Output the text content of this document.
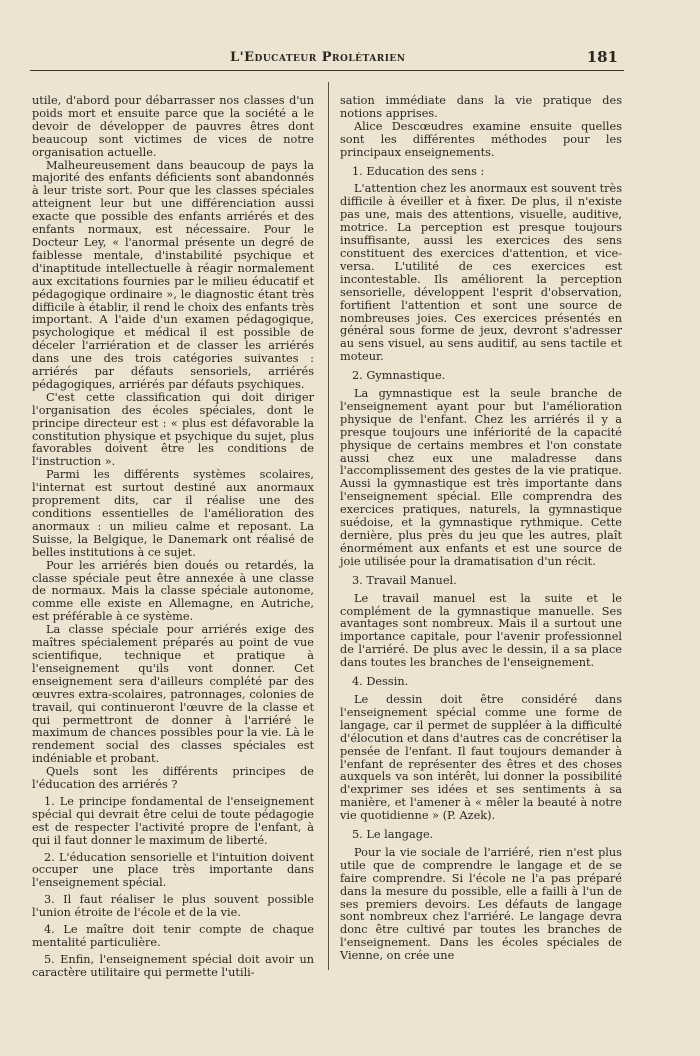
L'Educateur Prolétarien	181

utile, d'abord pour débarrasser nos classes d'un poids mort et ensuite parce que la société a le devoir de développer de pauvres êtres dont beaucoup sont victimes de vices de notre organisation actuelle.

Malheureusement dans beaucoup de pays la majorité des enfants déficients sont abandonnés à leur triste sort. Pour que les classes spéciales atteignent leur but une différenciation aussi exacte que possible des enfants arriérés et des enfants normaux, est nécessaire. Pour le Docteur Ley, « l'anormal présente un degré de faiblesse mentale, d'instabilité psychique et d'inaptitude intellectuelle à réagir normalement aux excitations fournies par le milieu éducatif et pédagogique ordinaire », le diagnostic étant très difficile à établir, il rend le choix des enfants très important. A l'aide d'un examen pédagogique, psychologique et médical il est possible de déceler l'arriération et de classer les arriérés dans une des trois catégories suivantes : arriérés par défauts sensoriels, arriérés pédagogiques, arriérés par défauts psychiques.

C'est cette classification qui doit diriger l'organisation des écoles spéciales, dont le principe directeur est : « plus est défavorable la constitution physique et psychique du sujet, plus favorables doivent être les conditions de l'instruction ».

Parmi les différents systèmes scolaires, l'internat est surtout destiné aux anormaux proprement dits, car il réalise une des conditions essentielles de l'amélioration des anormaux : un milieu calme et reposant. La Suisse, la Belgique, le Danemark ont réalisé de belles institutions à ce sujet.

Pour les arriérés bien doués ou retardés, la classe spéciale peut être annexée à une classe de normaux. Mais la classe spéciale autonome, comme elle existe en Allemagne, en Autriche, est préférable à ce système.

La classe spéciale pour arriérés exige des maîtres spécialement préparés au point de vue scientifique, technique et pratique à l'enseignement qu'ils vont donner. Cet enseignement sera d'ailleurs complété par des œuvres extra-scolaires, patronnages, colonies de travail, qui continueront l'œuvre de la classe et qui permettront de donner à l'arriéré le maximum de chances possibles pour la vie. Là le rendement social des classes spéciales est indéniable et probant.

Quels sont les différents principes de l'éducation des arriérés ?

1. Le principe fondamental de l'enseignement spécial qui devrait être celui de toute pédagogie est de respecter l'activité propre de l'enfant, à qui il faut donner le maximum de liberté.

2. L'éducation sensorielle et l'intuition doivent occuper une place très importante dans l'enseignement spécial.

3. Il faut réaliser le plus souvent possible l'union étroite de l'école et de la vie.

4. Le maître doit tenir compte de chaque mentalité particulière.

5. Enfin, l'enseignement spécial doit avoir un caractère utilitaire qui permette l'utili-

sation immédiate dans la vie pratique des notions apprises.

Alice Descœudres examine ensuite quelles sont les différentes méthodes pour les principaux enseignements.

1. Education des sens :

L'attention chez les anormaux est souvent très difficile à éveiller et à fixer. De plus, il n'existe pas une, mais des attentions, visuelle, auditive, motrice. La perception est presque toujours insuffisante, aussi les exercices des sens constituent des exercices d'attention, et vice-versa. L'utilité de ces exercices est incontestable. Ils améliorent la perception sensorielle, développent l'esprit d'observation, fortifient l'attention et sont une source de nombreuses joies. Ces exercices présentés en général sous forme de jeux, devront s'adresser au sens visuel, au sens auditif, au sens tactile et moteur.

2. Gymnastique.

La gymnastique est la seule branche de l'enseignement ayant pour but l'amélioration physique de l'enfant. Chez les arriérés il y a presque toujours une infériorité de la capacité physique de certains membres et l'on constate aussi chez eux une maladresse dans l'accomplissement des gestes de la vie pratique. Aussi la gymnastique est très importante dans l'enseignement spécial. Elle comprendra des exercices pratiques, naturels, la gymnastique suédoise, et la gymnastique rythmique. Cette dernière, plus près du jeu que les autres, plaît énormément aux enfants et est une source de joie utilisée pour la dramatisation d'un récit.

3. Travail Manuel.

Le travail manuel est la suite et le complément de la gymnastique manuelle. Ses avantages sont nombreux. Mais il a surtout une importance capitale, pour l'avenir professionnel de l'arriéré. De plus avec le dessin, il a sa place dans toutes les branches de l'enseignement.

4. Dessin.

Le dessin doit être considéré dans l'enseignement spécial comme une forme de langage, car il permet de suppléer à la difficulté d'élocution et dans d'autres cas de concrétiser la pensée de l'enfant. Il faut toujours demander à l'enfant de représenter des êtres et des choses auxquels va son intérêt, lui donner la possibilité d'exprimer ses idées et ses sentiments à sa manière, et l'amener à « mêler la beauté à notre vie quotidienne » (P. Azek).

5. Le langage.

Pour la vie sociale de l'arriéré, rien n'est plus utile que de comprendre le langage et de se faire comprendre. Si l'école ne l'a pas préparé dans la mesure du possible, elle a failli à l'un de ses premiers devoirs. Les défauts de langage sont nombreux chez l'arriéré. Le langage devra donc être cultivé par toutes les branches de l'enseignement. Dans les écoles spéciales de Vienne, on crée une
